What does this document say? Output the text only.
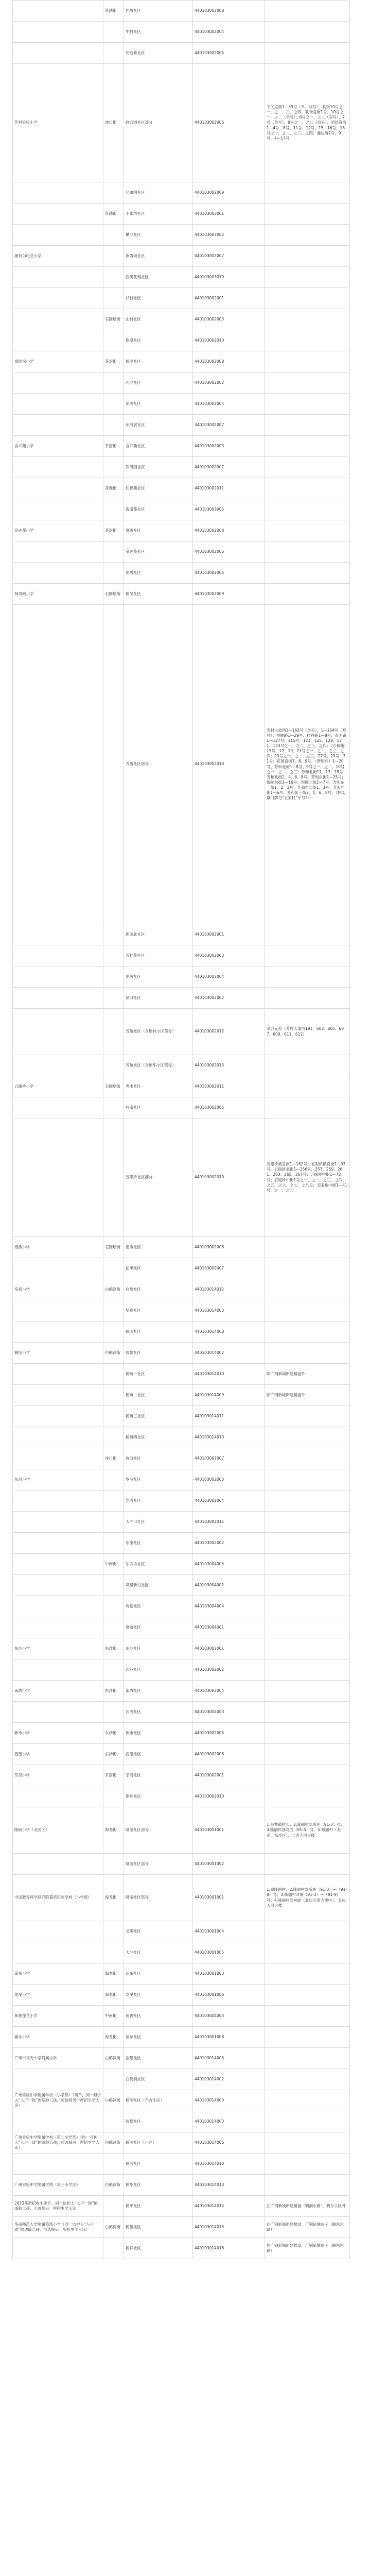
	花地街	西坊社区	440103002008	
		牛村社区	440103002004	
		花地新社区	440103002005	
芳村实验小学	冲口街	联合围社区部分	440103002006	下关直街1—39号（单、双号）、其余10号之一，之二、三、之四，联合直街1号、10号之一，之二（单号）、6号之一、之二（双号）、7号（单号）、9号之一、之二（双号）、团结直街1—4号、8号、11号、12号、15—16号、18号之一，之二、之三、之四；涌边街7号，9号，4—17号
		兄弟围社区	440103002009	
	花地街	小乘坊社区	440103003001	
		横沙社区	440103003002	
康有为纪念小学		新霞街社区	440103003007	
		西溪花苑社区	440103003010	
		杉村社区	440103002001	
	石围塘街	山村社区	440103002003	
		谢屋社区	440103002010	
鸡胆滘小学	茶滘街	鹤洞社区	440103002009	
		河沙社区	440103002002	
		东围社区	440103002004	
		东涌居社区	440103002007	
合兴苑小学	茶滘街	合兴苑社区	440103002003	
		罗涌围社区	440103002007	
	花地街	红棉苑社区	440103002011	
		海南苑社区	440103003005	
金达苑小学	茶滘街	葵蓬社区	440103002008	
		金达苑社区	440103002006	
		东漖社区	440103002005	
林凤娥小学	石围塘街	鹤洞社区	440103002009	
		芳盈社区部分	440103002010	芳村大道西1—163号（单号）、1—164号（双号）；悦颐路1—29号、桂丹路1—8号、育才路1—127号，115号、121、125、129、131、133号之一、之二、之三、之四；（方和苑）15号、17、19、21号之一、之二、之三、之四；23号之一、之二、之三、27号、29号、31号；花园直街7、8、9号、（赞明苑）1—20号、芳和北街1—8号、9号之一，之二、10号之一、之二、之三；芳和北街11、13、15号；芳和北街2、4、6、8号；芳和东街1—25号；悦颐东街3—16号；悦颐北街1—7号；芳和东一街1、2、3号；芳和东二街1、3号；芳和西街1—6号；芳和东三街2、4、6、8号；（林凤娥门牌号“五家村”宇号外）
		鹿园北社区	440103002001	
		芳桂苑社区	440103002003	
		东风社区	440103002004	
		涌口社区	440103002002	
		芳盈社区（含瑶村小区部分）	440103002012	金方元苑（芳村大道西191、603、605、607、609、611、612）
		芳盈社区（含瑶华小区部分）	440103002013	
五眼桥小学	石围塘街	秀水社区	440103002011	
		岭南社区	440103002005	
		五眼桥社区部分	440103002010	五眼桥横直街1—162号；五眼桥横直街1—33号、五眼桥北街1—256号、257、259、261、263、265、267号；五眼桥中街1—72号；五眼桥中街1号之一、之二、之三、之四、之五、之六、之七、之八号；五眼桥中街1—41号、之一、之二
南漖小学	石围塘街	南漖社区	440103002008	
		松溪社区	440103002007	
培真小学	白鹤洞街	白鹤社区	440103014012	
		培真社区	440103014003	
		鹤园社区	440103014008	
鹤园小学	白鹤洞街	骏景社区	440103014002	
		鹤苑一社区	440103014010	除广钢新城新建楼盘外
		鹤苑二社区	440103014009	除广钢新城新建楼盘外
		鹤苑三社区	440103014011	
		鹤苑四社区	440103014013	
	冲口街	坑口社区	440103002007	
东滘小学		罗浦社区	440103002003	
		沙洛社区	440103002004	
		大冲口社区	440103002011	
		东塱社区	440103002002	
	中南街	东方坊社区	440103004005	
		凤凰新村社区	440103004002	
		鸡翅社区	440103004004	
		葵蓬社区	440103004001	
东沙小学	东沙街	东沙社区	440103002001	
		沙洲社区	440103002002	
南漖小学	东沙街	南漖社区	440103002004	
		沙涌社区	440103002003	
新市小学	东沙街	新市社区	440103002005	
西塱小学	东沙街	西塱社区	440103002006	
茶滘小学	茶滘街	茶滘社区	440103002001	
		保利社区	440103002010	
隆丽小学（北区区）	海龙街	隆丽社区部分	440103001001	1.孙臂镇村长；2.隆丽村部所在（91-3）号；3.隆丽村部对面（91-5）号，5.隆丽村（北滘、东沙区）、北边大滘大楼
		隆丽社区部分	440103001002	
中国教育科学研究院荔湾实验学校（小学部）	海龙街	隆丽社区部分	440103001001	1.原隆丽村；2.隆丽村部所在（91-3）—（91-8）号；3.隆丽村对面（91-3）—（91-9）号；4.隆丽村部对面（北边大滘大楼中）、北边大滘大楼
		龙溪社区	440103001004	
		大冲社区	440103001005	
浦东小学	海龙街	浦东社区	440103001003	
龙溪小学	海龙街	龙溪社区	440103001006	
荷香莲花小学	中南街	荷香社区	440103004003	
浦东小学	海龙街	浦东社区	440103001008	
广州市真光中学附属小学	白鹤洞街	骏景社区	440103014005	
		白鹤洞社区	440103014002	
广州实验中学附属学校（小学部）（简单，同一旦护入“入户一致”的适龄二孩，可选择另一所招生学入读）	白鹤洞街	鹤洞社区（不含小区）	440103014009	
		骏景社区	440103014003	
广州实验中学附属学校（第二小学部）（同一旦护入“入户一致”的适龄二孩，可选择另一所招生学入读）	白鹤洞街	鹤洞社区（小区）	440103014006	
		鹤涌社区	440103014010	
广州实验中学附属学校（第三小学部）	白鹤洞街	鹤华社区	440103014013	
2023年新招收生源片：同一监护人“入户一致”的适龄二孩，可选择另一所招生学入读		鹤平社区	440103014014	在广钢新城新建楼盘（鹤洞东路），鹤东小区外
华南师范大学附属荔湾小学（同一监护人“入户一致”的适龄二孩，可选择另一所招生学入读）	白鹤洞街	鹤福社区	440103014015	在广钢新城新建楼盘，广钢新城东区（鹤东东路）
		鹤祥社区	440103014016	在广钢新城新建楼盘，广钢新城东区（鹤东东路）
